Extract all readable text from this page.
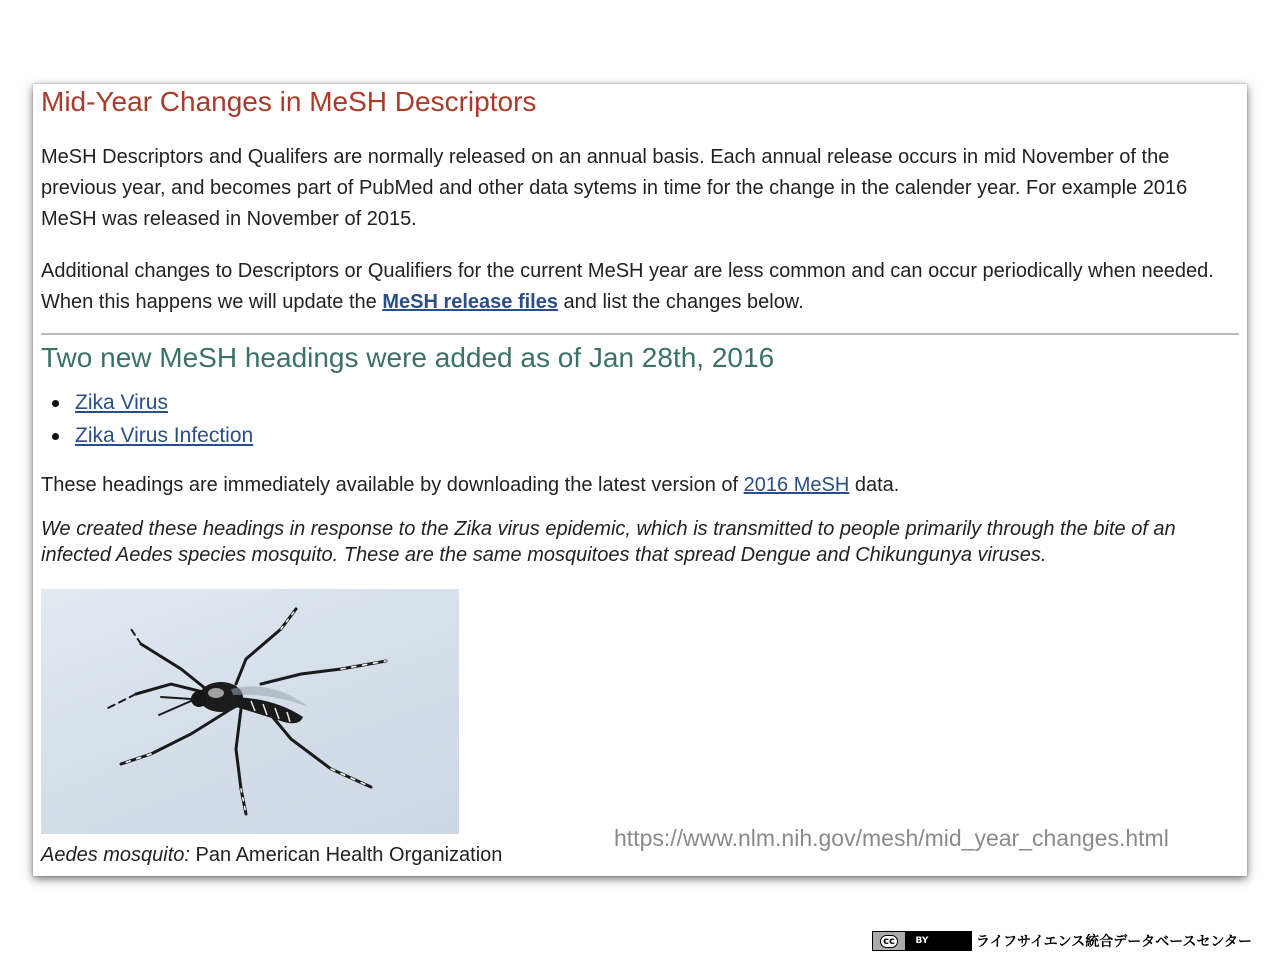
Mid-Year Changes in MeSH Descriptors

MeSH Descriptors and Qualifers are normally released on an annual basis. Each annual release occurs in mid November of the previous year, and becomes part of PubMed and other data sytems in time for the change in the calender year. For example 2016 MeSH was released in November of 2015.

Additional changes to Descriptors or Qualifiers for the current MeSH year are less common and can occur periodically when needed. When this happens we will update the MeSH release files and list the changes below.

Two new MeSH headings were added as of Jan 28th, 2016
Zika Virus
Zika Virus Infection

These headings are immediately available by downloading the latest version of 2016 MeSH data.

We created these headings in response to the Zika virus epidemic, which is transmitted to people primarily through the bite of an infected Aedes species mosquito. These are the same mosquitoes that spread Dengue and Chikungunya viruses.

Aedes mosquito: Pan American Health Organization
https://www.nlm.nih.gov/mesh/mid_year_changes.html
cc	BY	ライフサイエンス統合データベースセンター
